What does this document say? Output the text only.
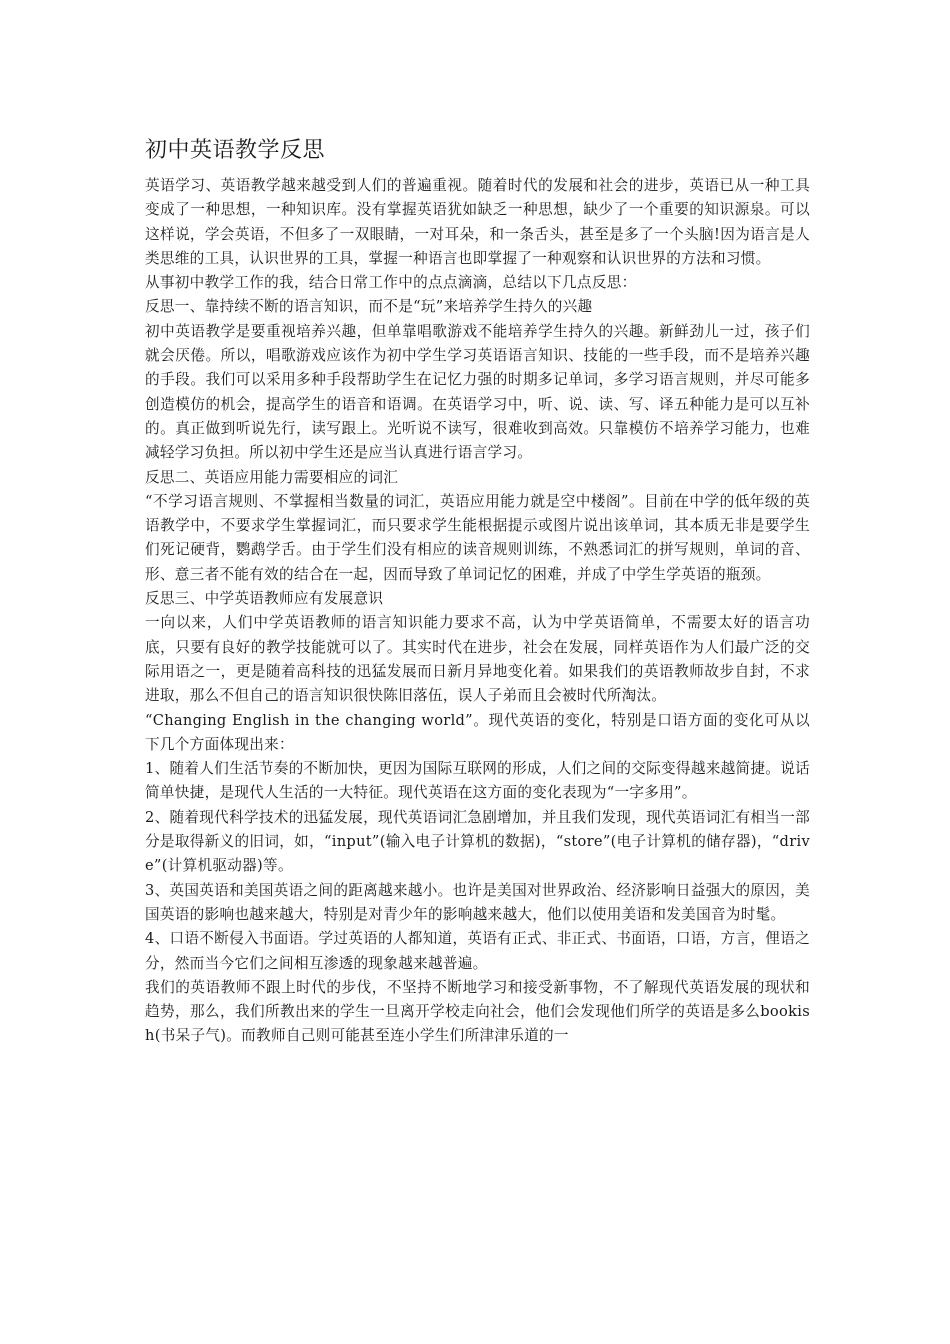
初中英语教学反思

英语学习、英语教学越来越受到人们的普遍重视。随着时代的发展和社会的进步，英语已从一种工具变成了一种思想，一种知识库。没有掌握英语犹如缺乏一种思想，缺少了一个重要的知识源泉。可以这样说，学会英语，不但多了一双眼睛，一对耳朵，和一条舌头，甚至是多了一个头脑!因为语言是人类思维的工具，认识世界的工具，掌握一种语言也即掌握了一种观察和认识世界的方法和习惯。

从事初中教学工作的我，结合日常工作中的点点滴滴，总结以下几点反思：

反思一、靠持续不断的语言知识，而不是“玩”来培养学生持久的兴趣

初中英语教学是要重视培养兴趣，但单靠唱歌游戏不能培养学生持久的兴趣。新鲜劲儿一过，孩子们就会厌倦。所以，唱歌游戏应该作为初中学生学习英语语言知识、技能的一些手段，而不是培养兴趣的手段。我们可以采用多种手段帮助学生在记忆力强的时期多记单词，多学习语言规则，并尽可能多创造模仿的机会，提高学生的语音和语调。在英语学习中，听、说、读、写、译五种能力是可以互补的。真正做到听说先行，读写跟上。光听说不读写，很难收到高效。只靠模仿不培养学习能力，也难减轻学习负担。所以初中学生还是应当认真进行语言学习。

反思二、英语应用能力需要相应的词汇

“不学习语言规则、不掌握相当数量的词汇，英语应用能力就是空中楼阁”。目前在中学的低年级的英语教学中，不要求学生掌握词汇，而只要求学生能根据提示或图片说出该单词，其本质无非是要学生们死记硬背，鹦鹉学舌。由于学生们没有相应的读音规则训练，不熟悉词汇的拼写规则，单词的音、形、意三者不能有效的结合在一起，因而导致了单词记忆的困难，并成了中学生学英语的瓶颈。

反思三、中学英语教师应有发展意识

一向以来，人们中学英语教师的语言知识能力要求不高，认为中学英语简单，不需要太好的语言功底，只要有良好的教学技能就可以了。其实时代在进步，社会在发展，同样英语作为人们最广泛的交际用语之一，更是随着高科技的迅猛发展而日新月异地变化着。如果我们的英语教师故步自封，不求进取，那么不但自己的语言知识很快陈旧落伍，误人子弟而且会被时代所淘汰。

“Changing English in the changing world”。现代英语的变化，特别是口语方面的变化可从以下几个方面体现出来：

1、随着人们生活节奏的不断加快，更因为国际互联网的形成，人们之间的交际变得越来越简捷。说话简单快捷，是现代人生活的一大特征。现代英语在这方面的变化表现为“一字多用”。

2、随着现代科学技术的迅猛发展，现代英语词汇急剧增加，并且我们发现，现代英语词汇有相当一部分是取得新义的旧词，如，“input”(输入电子计算机的数据)，“store”(电子计算机的储存器)，“drive”(计算机驱动器)等。

3、英国英语和美国英语之间的距离越来越小。也许是美国对世界政治、经济影响日益强大的原因，美国英语的影响也越来越大，特别是对青少年的影响越来越大，他们以使用美语和发美国音为时髦。

4、口语不断侵入书面语。学过英语的人都知道，英语有正式、非正式、书面语，口语，方言，俚语之分，然而当今它们之间相互渗透的现象越来越普遍。

我们的英语教师不跟上时代的步伐，不坚持不断地学习和接受新事物，不了解现代英语发展的现状和趋势，那么，我们所教出来的学生一旦离开学校走向社会，他们会发现他们所学的英语是多么bookish(书呆子气)。而教师自己则可能甚至连小学生们所津津乐道的一
